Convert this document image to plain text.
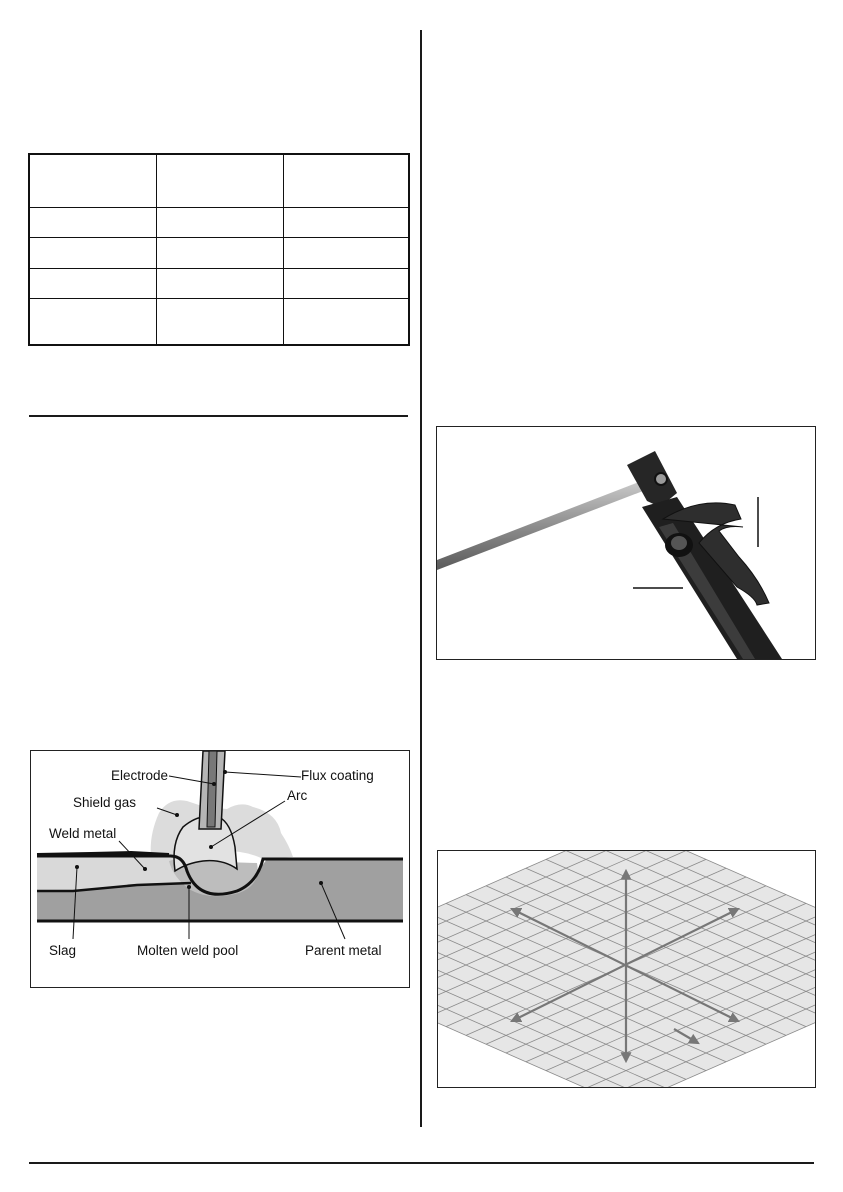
Electrode	Flux coating
Shield gas	Arc
Weld metal
Slag	Molten weld pool	Parent metal
